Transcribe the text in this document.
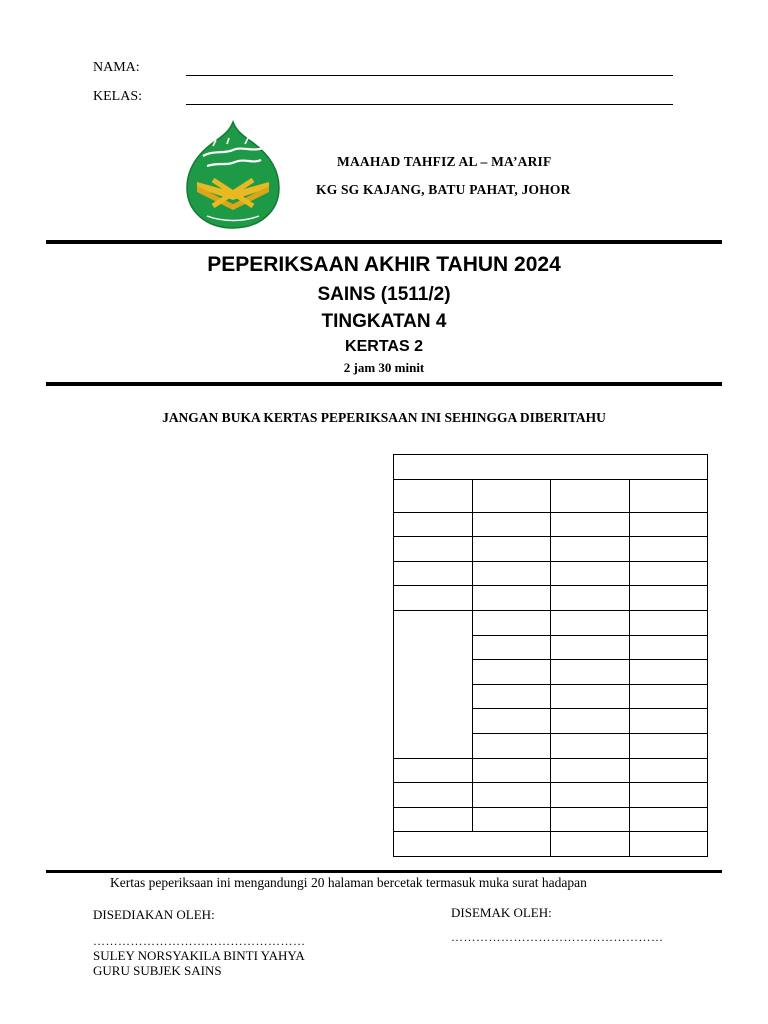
NAMA:
KELAS:
MAAHAD TAHFIZ AL – MA’ARIF
KG SG KAJANG, BATU PAHAT, JOHOR
PEPERIKSAAN AKHIR TAHUN 2024
SAINS (1511/2)
TINGKATAN 4
KERTAS 2
2 jam 30 minit
JANGAN BUKA KERTAS PEPERIKSAAN INI SEHINGGA DIBERITAHU

Kertas peperiksaan ini mengandungi 20 halaman bercetak termasuk muka surat hadapan
DISEDIAKAN OLEH:	DISEMAK OLEH:
……………………………………………	……………………………………………
SULEY NORSYAKILA BINTI YAHYA
GURU SUBJEK SAINS
